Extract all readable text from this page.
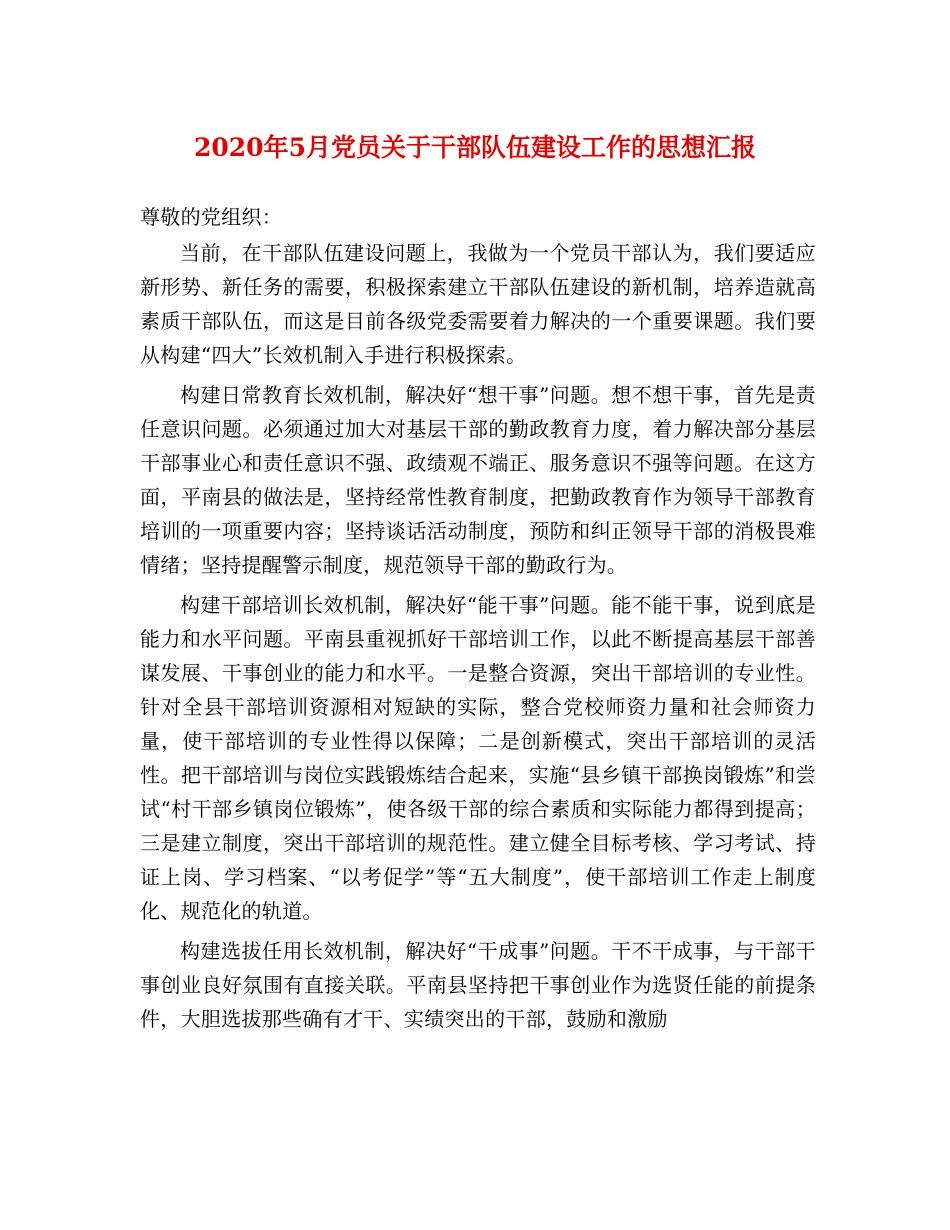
2020年5月党员关于干部队伍建设工作的思想汇报

尊敬的党组织：

当前，在干部队伍建设问题上，我做为一个党员干部认为，我们要适应新形势、新任务的需要，积极探索建立干部队伍建设的新机制，培养造就高素质干部队伍，而这是目前各级党委需要着力解决的一个重要课题。我们要从构建“四大”长效机制入手进行积极探索。

构建日常教育长效机制，解决好“想干事”问题。想不想干事，首先是责任意识问题。必须通过加大对基层干部的勤政教育力度，着力解决部分基层干部事业心和责任意识不强、政绩观不端正、服务意识不强等问题。在这方面，平南县的做法是，坚持经常性教育制度，把勤政教育作为领导干部教育培训的一项重要内容；坚持谈话活动制度，预防和纠正领导干部的消极畏难情绪；坚持提醒警示制度，规范领导干部的勤政行为。

构建干部培训长效机制，解决好“能干事”问题。能不能干事，说到底是能力和水平问题。平南县重视抓好干部培训工作，以此不断提高基层干部善谋发展、干事创业的能力和水平。一是整合资源，突出干部培训的专业性。针对全县干部培训资源相对短缺的实际，整合党校师资力量和社会师资力量，使干部培训的专业性得以保障；二是创新模式，突出干部培训的灵活性。把干部培训与岗位实践锻炼结合起来，实施“县乡镇干部换岗锻炼”和尝试“村干部乡镇岗位锻炼”，使各级干部的综合素质和实际能力都得到提高；三是建立制度，突出干部培训的规范性。建立健全目标考核、学习考试、持证上岗、学习档案、“以考促学”等“五大制度”，使干部培训工作走上制度化、规范化的轨道。

构建选拔任用长效机制，解决好“干成事”问题。干不干成事，与干部干事创业良好氛围有直接关联。平南县坚持把干事创业作为选贤任能的前提条件，大胆选拔那些确有才干、实绩突出的干部，鼓励和激励
